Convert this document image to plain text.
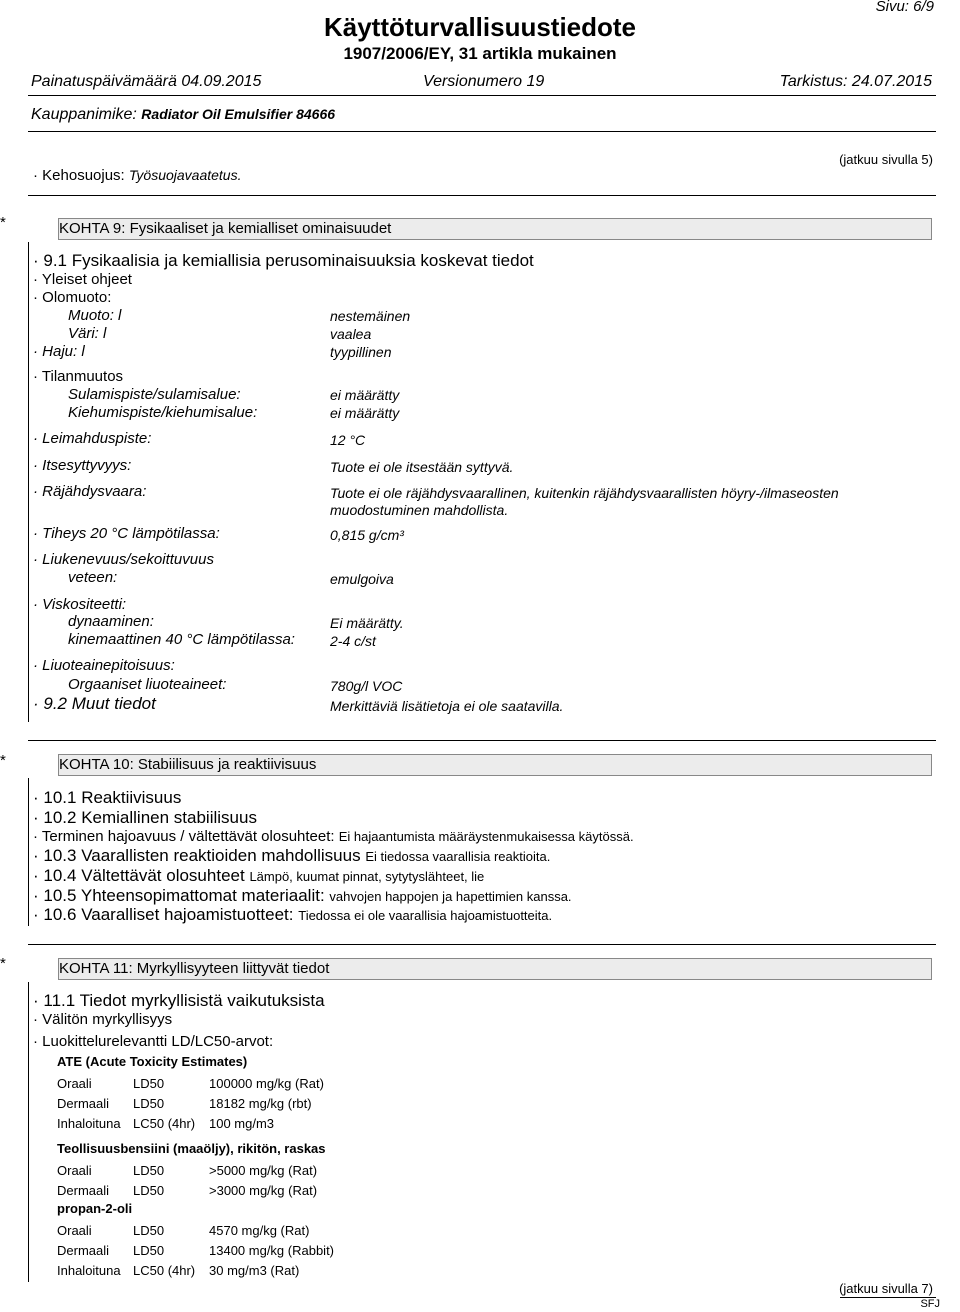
Sivu: 6/9
Käyttöturvallisuustiedote
1907/2006/EY, 31 artikla mukainen
Painatuspäivämäärä 04.09.2015	Versionumero 19	Tarkistus: 24.07.2015
Kauppanimike: Radiator Oil Emulsifier 84666
(jatkuu sivulla 5)
· Kehosuojus: Työsuojavaatetus.
*	KOHTA 9: Fysikaaliset ja kemialliset ominaisuudet
· 9.1 Fysikaalisia ja kemiallisia perusominaisuuksia koskevat tiedot
· Yleiset ohjeet
· Olomuoto:
Muoto: l	nestemäinen
Väri: l	vaalea
· Haju: l	tyypillinen
· Tilanmuutos
Sulamispiste/sulamisalue:	ei määrätty
Kiehumispiste/kiehumisalue:	ei määrätty
· Leimahduspiste:	12 °C
· Itsesyttyvyys:	Tuote ei ole itsestään syttyvä.
· Räjähdysvaara:	Tuote ei ole räjähdysvaarallinen, kuitenkin räjähdysvaarallisten höyry-/ilmaseosten
muodostuminen mahdollista.
· Tiheys 20 °C lämpötilassa:	0,815 g/cm³
· Liukenevuus/sekoittuvuus
veteen:	emulgoiva
· Viskositeetti:
dynaaminen:	Ei määrätty.
kinemaattinen 40 °C lämpötilassa:	2-4 c/st
· Liuoteainepitoisuus:
Orgaaniset liuoteaineet:	780g/l VOC
· 9.2 Muut tiedot	Merkittäviä lisätietoja ei ole saatavilla.
*	KOHTA 10: Stabiilisuus ja reaktiivisuus
· 10.1 Reaktiivisuus
· 10.2 Kemiallinen stabiilisuus
· Terminen hajoavuus / vältettävät olosuhteet: Ei hajaantumista määräystenmukaisessa käytössä.
· 10.3 Vaarallisten reaktioiden mahdollisuus Ei tiedossa vaarallisia reaktioita.
· 10.4 Vältettävät olosuhteet Lämpö, kuumat pinnat, sytytyslähteet, lie
· 10.5 Yhteensopimattomat materiaalit: vahvojen happojen ja hapettimien kanssa.
· 10.6 Vaaralliset hajoamistuotteet: Tiedossa ei ole vaarallisia hajoamistuotteita.
*	KOHTA 11: Myrkyllisyyteen liittyvät tiedot
· 11.1 Tiedot myrkyllisistä vaikutuksista
· Välitön myrkyllisyys
· Luokittelurelevantti LD/LC50-arvot:
ATE (Acute Toxicity Estimates)
Oraali	LD50	100000 mg/kg (Rat)
Dermaali	LD50	18182 mg/kg (rbt)
Inhaloituna	LC50 (4hr)	100 mg/m3
Teollisuusbensiini (maaöljy), rikitön, raskas
Oraali	LD50	>5000 mg/kg (Rat)
Dermaali	LD50	>3000 mg/kg (Rat)
propan-2-oli
Oraali	LD50	4570 mg/kg (Rat)
Dermaali	LD50	13400 mg/kg (Rabbit)
Inhaloituna	LC50 (4hr)	30 mg/m3 (Rat)
(jatkuu sivulla 7)
SFJ
